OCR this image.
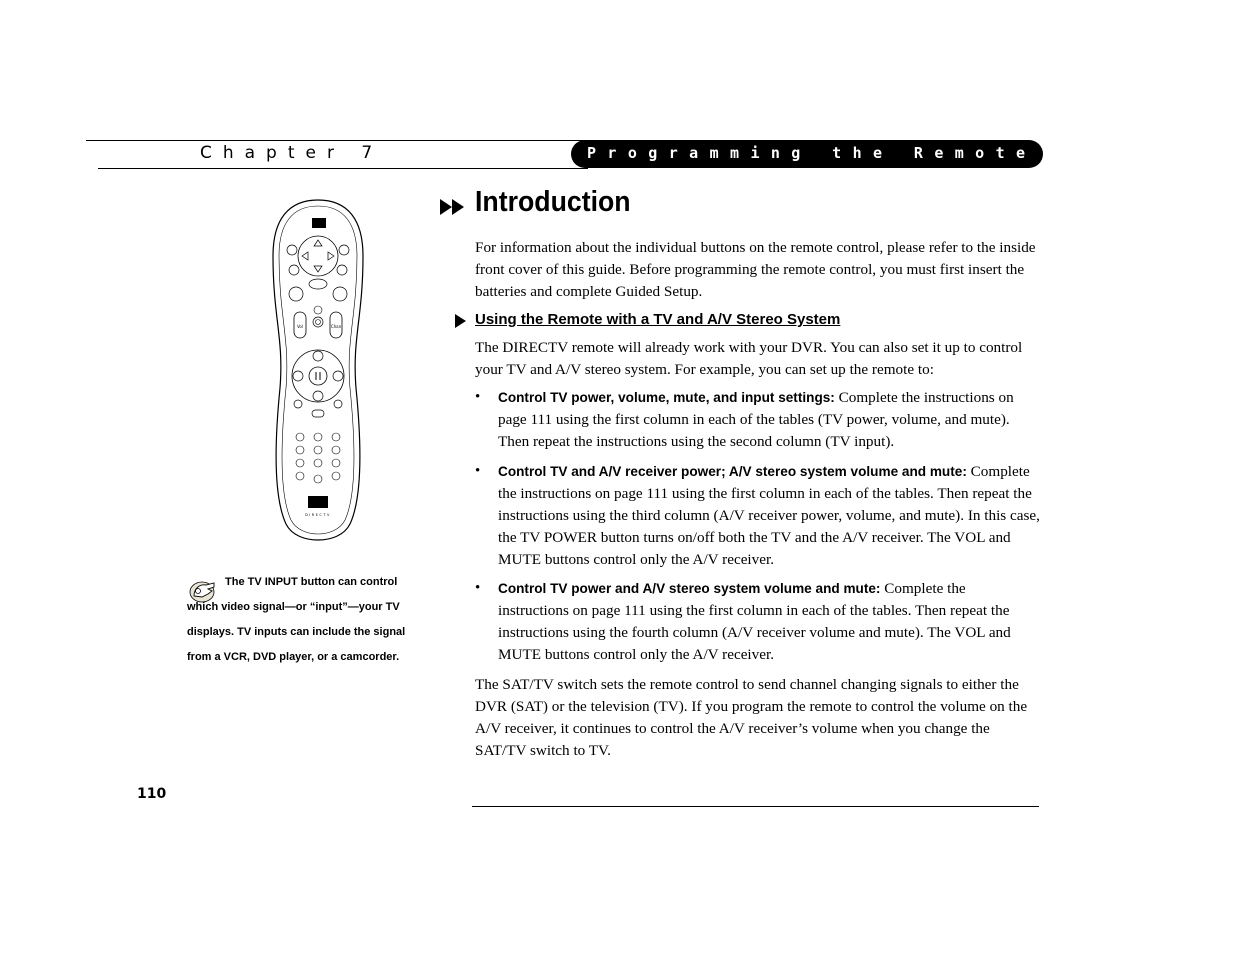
Chapter 7	Programming the Remote Control
Vol	Chan
DIRECTV

The TV INPUT button can control which video signal—or “input”—your TV displays. TV inputs can include the signal from a VCR, DVD player, or a camcorder.

Introduction

For information about the individual buttons on the remote control, please refer to the inside front cover of this guide. Before programming the remote control, you must first insert the batteries and complete Guided Setup.

Using the Remote with a TV and A/V Stereo System

The DIRECTV remote will already work with your DVR. You can also set it up to control your TV and A/V stereo system. For example, you can set up the remote to:

• Control TV power, volume, mute, and input settings: Complete the instructions on page 111 using the first column in each of the tables (TV power, volume, and mute). Then repeat the instructions using the second column (TV input).

• Control TV and A/V receiver power; A/V stereo system volume and mute: Complete the instructions on page 111 using the first column in each of the tables. Then repeat the instructions using the third column (A/V receiver power, volume, and mute). In this case, the TV POWER button turns on/off both the TV and the A/V receiver. The VOL and MUTE buttons control only the A/V receiver.

• Control TV power and A/V stereo system volume and mute: Complete the instructions on page 111 using the first column in each of the tables. Then repeat the instructions using the fourth column (A/V receiver volume and mute). The VOL and MUTE buttons control only the A/V receiver.

The SAT/TV switch sets the remote control to send channel changing signals to either the DVR (SAT) or the television (TV). If you program the remote to control the volume on the A/V receiver, it continues to control the A/V receiver’s volume when you change the SAT/TV switch to TV.

110
